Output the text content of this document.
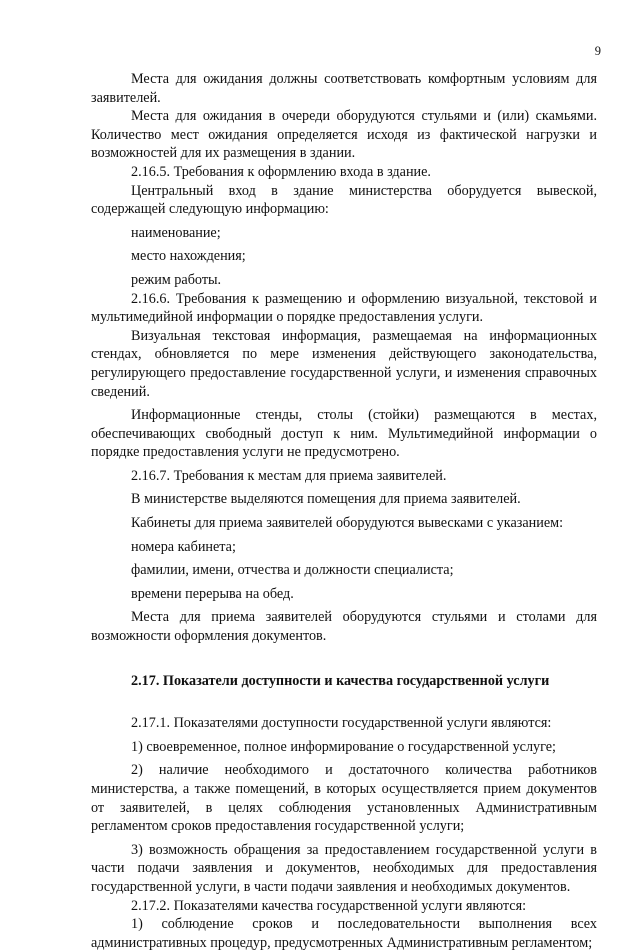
9

Места для ожидания должны соответствовать комфортным условиям для заявителей.

Места для ожидания в очереди оборудуются стульями и (или) скамьями. Количество мест ожидания определяется исходя из фактической нагрузки и возможностей для их размещения в здании.

2.16.5. Требования к оформлению входа в здание.

Центральный вход в здание министерства оборудуется вывеской, содержащей следующую информацию:

наименование;

место нахождения;

режим работы.

2.16.6. Требования к размещению и оформлению визуальной, текстовой и мультимедийной информации о порядке предоставления услуги.

Визуальная текстовая информация, размещаемая на информационных стендах, обновляется по мере изменения действующего законодательства, регулирующего предоставление государственной услуги, и изменения справочных сведений.

Информационные стенды, столы (стойки) размещаются в местах, обеспечивающих свободный доступ к ним. Мультимедийной информации о порядке предоставления услуги не предусмотрено.

2.16.7. Требования к местам для приема заявителей.

В министерстве выделяются помещения для приема заявителей.

Кабинеты для приема заявителей оборудуются вывесками с указанием:

номера кабинета;

фамилии, имени, отчества и должности специалиста;

времени перерыва на обед.

Места для приема заявителей оборудуются стульями и столами для возможности оформления документов.

2.17. Показатели доступности и качества государственной услуги

2.17.1. Показателями доступности государственной услуги являются:

1) своевременное, полное информирование о государственной услуге;

2) наличие необходимого и достаточного количества работников министерства, а также помещений, в которых осуществляется прием документов от заявителей, в целях соблюдения установленных Административным регламентом сроков предоставления государственной услуги;

3) возможность обращения за предоставлением государственной услуги в части подачи заявления и документов, необходимых для предоставления государственной услуги, в части подачи заявления и необходимых документов.

2.17.2. Показателями качества государственной услуги являются:

1) соблюдение сроков и последовательности выполнения всех административных процедур, предусмотренных Административным регламентом;
